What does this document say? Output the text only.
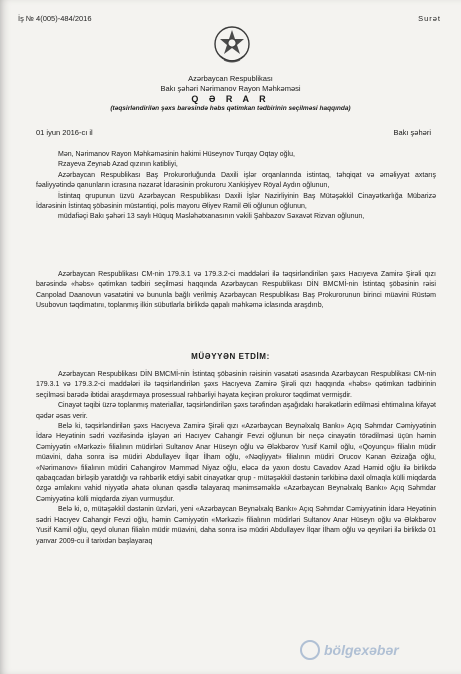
İş № 4(005)-484/2016	Surət
Azərbaycan Respublikası
Bakı şəhəri Nərimanov Rayon Məhkəməsi
Q Ə R A R
(təqsirləndirilən şəxs barəsində həbs qətimkan tədbirinin seçilməsi haqqında)
01 iyun 2016-cı il	Bakı şəhəri

Mən, Nərimanov Rayon Məhkəməsinin hakimi Hüseynov Turqay Oqtay oğlu,

Rzayeva Zeynəb Azad qızının katibliyi,

Azərbaycan Respublikası Baş Prokurorluğunda Daxili işlər orqanlarında istintaq, təhqiqat və əməliyyat axtarış fəaliyyətində qanunların icrasına nəzarət İdarəsinin prokuroru Xankişiyev Röyal Aydın oğlunun,

İstintaq qrupunun üzvü Azərbaycan Respublikası Daxili İşlər Nazirliyinin Baş Mütəşəkkil Cinayətkarlığa Mübarizə İdarəsinin İstintaq şöbəsinin müstəntiqi, polis mayoru Əliyev Ramil Əli oğlunun oğlunun,

müdafiəçi Bakı şəhəri 13 saylı Hüquq Məsləhətxanasının vəkili Şahbazov Səxavət Rizvan oğlunun,

Azərbaycan Respublikası CM-nin 179.3.1 və 179.3.2-ci maddələri ilə təqsirləndirilən şəxs Hacıyeva Zamirə Şirəli qızı barəsində «həbs» qətimkan tədbiri seçilməsi haqqında Azərbaycan Respublikası DİN BMCMİ-nin İstintaq şöbəsinin rəisi Canpolad Daanovun vəsatətini və bununla bağlı verilmiş Azərbaycan Respublikası Baş Prokurorunun birinci müavini Rüstəm Usubovun təqdimatını, toplanmış ilkin sübutlarla birlikdə qapalı məhkəmə iclasında araşdırıb,

MÜƏYYƏN ETDİM:

Azərbaycan Respublikası DİN BMCMİ-nin İstintaq şöbəsinin rəisinin vəsatəti əsasında Azərbaycan Respublikası CM-nin 179.3.1 və 179.3.2-ci maddələri ilə təqsirləndirilən şəxs Hacıyeva Zamirə Şirəli qızı haqqında «həbs» qətimkan tədbirinin seçilməsi barədə ibtidai araşdırmaya prosessual rəhbərliyi həyata keçirən prokuror təqdimat vermişdir.

Cinayət təqibi üzrə toplanmış materiallar, təqsirləndirilən şəxs tərəfindən aşağıdakı hərəkətlərin edilməsi ehtimalına kifayət qədər əsas verir.

Belə ki, təqsirləndirilən şəxs Hacıyeva Zamirə Şirəli qızı «Azərbaycan Beynəlxalq Bankı» Açıq Səhmdar Cəmiyyətinin İdarə Heyətinin sədri vəzifəsində işləyən əri Hacıyev Cahangir Fevzi oğlunun bir neçə cinayətin törədilməsi üçün həmin Cəmiyyətin «Mərkəzi» filialının müdirləri Sultanov Anar Hüseyn oğlu və Ələkbərov Yusif Kamil oğlu, «Qoyunçu» filialın müdir müavini, daha sonra isə müdiri Abdullayev İlqar İlham oğlu, «Nəqliyyat» filialının müdiri Orucov Kənan Əzizağa oğlu, «Nərimanov» filialının müdiri Cahangirov Məmməd Niyaz oğlu, eləcə də yaxın dostu Cavadov Azad Həmid oğlu ilə birlikdə qabaqcadan birləşib yaratdığı və rəhbərlik etdiyi sabit cinayətkar qrup - mütəşəkkil dəstənin tərkibinə daxil olmaqla külli miqdarda özgə əmlakını vahid niyyətlə əhatə olunan qəsdlə talayaraq mənimsəməklə «Azərbaycan Beynəlxalq Bankı» Açıq Səhmdar Cəmiyyətinə külli miqdarda ziyan vurmuşdur.

Belə ki, o, mütəşəkkil dəstənin üzvləri, yeni «Azərbaycan Beynəlxalq Bankı» Açıq Səhmdar Cəmiyyətinin İdarə Heyətinin sədri Hacıyev Cahangir Fevzi oğlu, həmin Cəmiyyətin «Mərkəzi» filialının müdirləri Sultanov Anar Hüseyn oğlu və Ələkbərov Yusif Kamil oğlu, qeyd olunan filialın müdir müavini, daha sonra isə müdiri Abdullayev İlqar İlham oğlu və qeyriləri ilə birlikdə 01 yanvar 2009-cu il tarixdən başlayaraq

bölgexəbər
